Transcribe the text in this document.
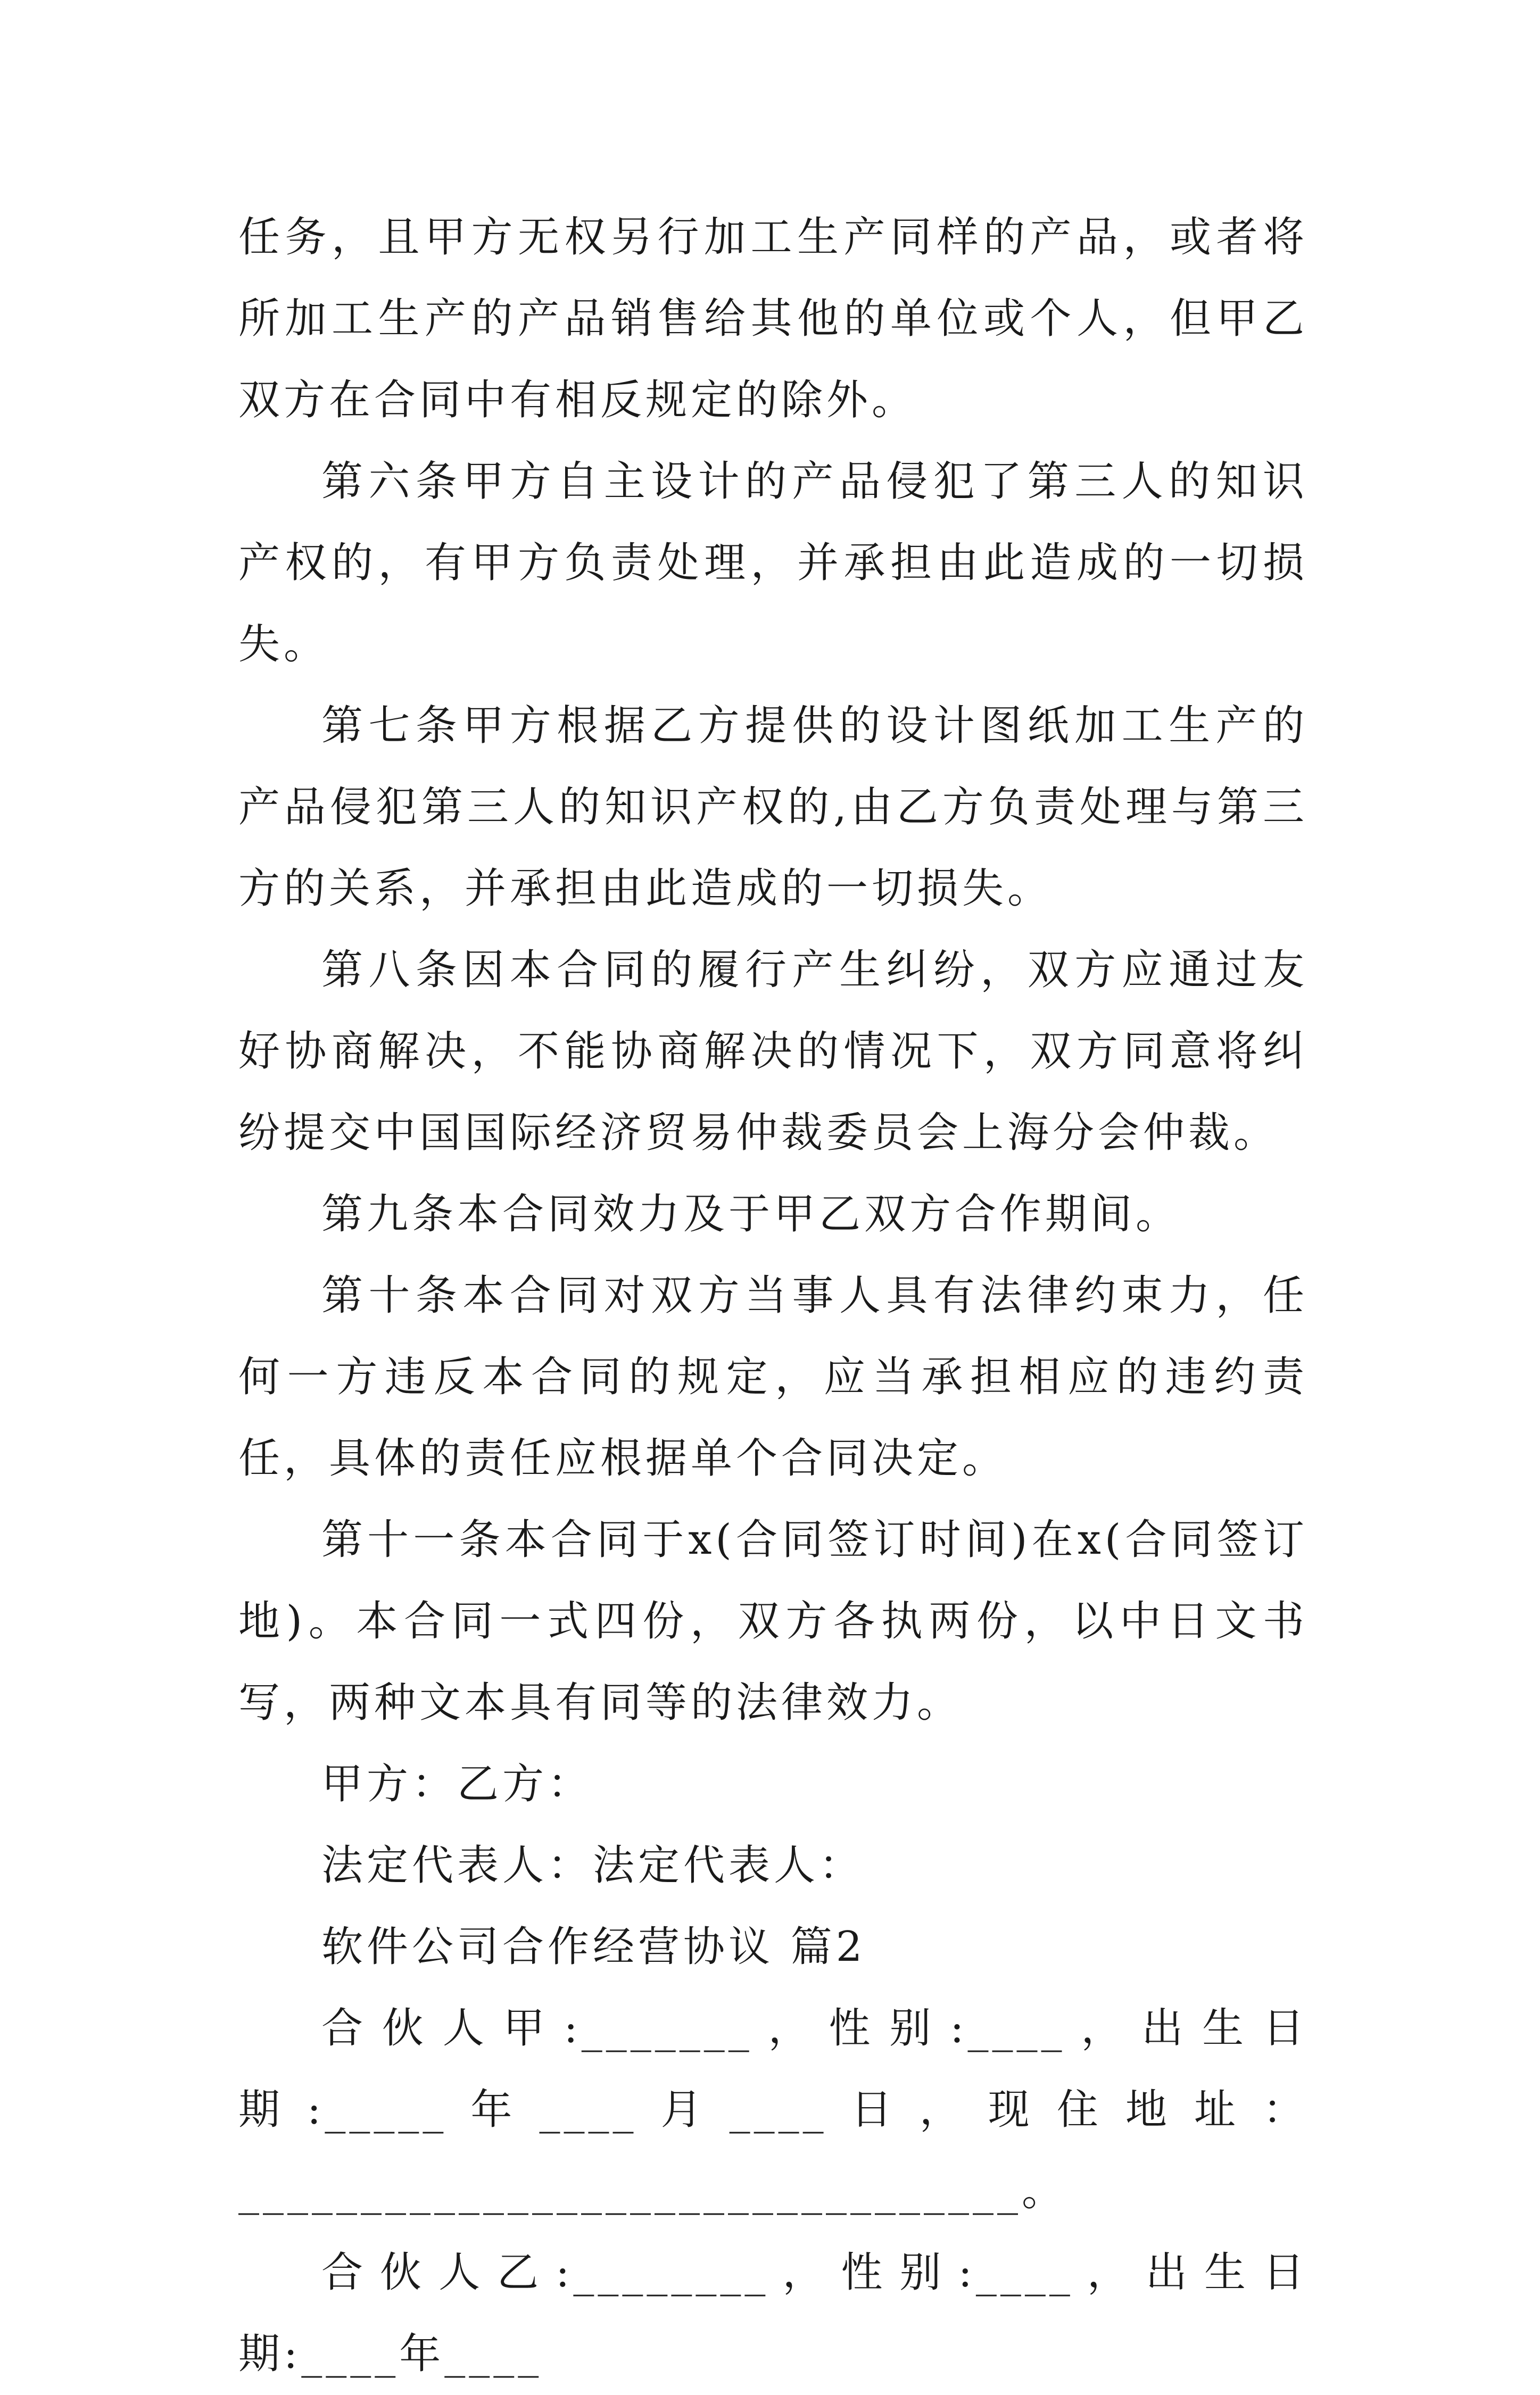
任务，且甲方无权另行加工生产同样的产品，或者将所加工生产的产品销售给其他的单位或个人，但甲乙双方在合同中有相反规定的除外。

第六条甲方自主设计的产品侵犯了第三人的知识产权的，有甲方负责处理，并承担由此造成的一切损失。

第七条甲方根据乙方提供的设计图纸加工生产的产品侵犯第三人的知识产权的,由乙方负责处理与第三方的关系，并承担由此造成的一切损失。

第八条因本合同的履行产生纠纷，双方应通过友好协商解决，不能协商解决的情况下，双方同意将纠纷提交中国国际经济贸易仲裁委员会上海分会仲裁。

第九条本合同效力及于甲乙双方合作期间。

第十条本合同对双方当事人具有法律约束力，任何一方违反本合同的规定，应当承担相应的违约责任，具体的责任应根据单个合同决定。

第十一条本合同于x(合同签订时间)在x(合同签订地)。本合同一式四份，双方各执两份，以中日文书写，两种文本具有同等的法律效力。

甲方：乙方：

法定代表人：法定代表人：

软件公司合作经营协议 篇2

合伙人甲:_______，性别:____，出生日期:_____年____月____日，现住地址：________________________________。

合伙人乙:________，性别:____，出生日期:____年____
